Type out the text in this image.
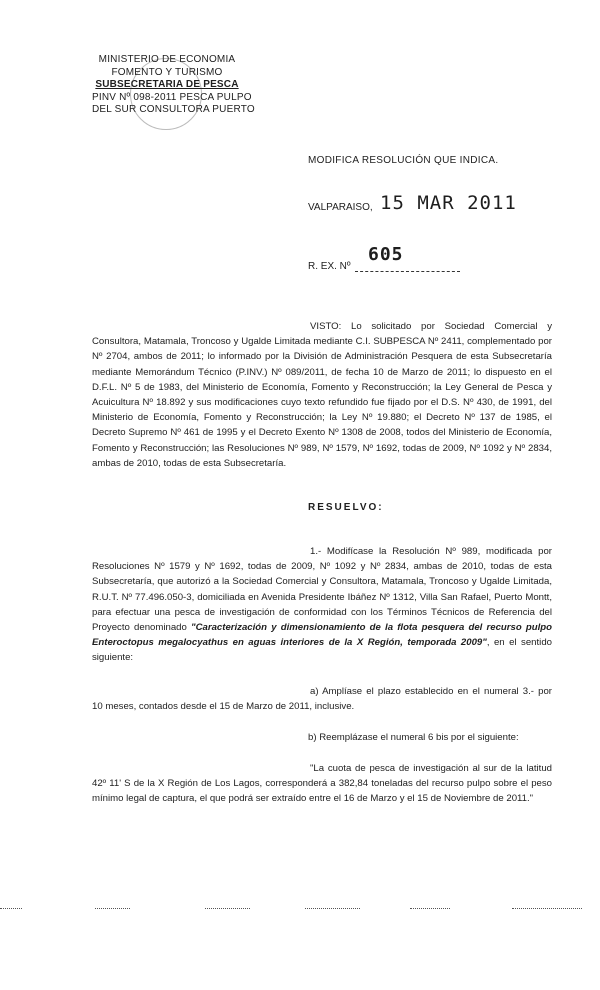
MINISTERIO DE ECONOMIA
FOMENTO Y TURISMO
SUBSECRETARIA DE PESCA
PINV Nº 098-2011 PESCA PULPO
DEL SUR CONSULTORA PUERTO
MODIFICA RESOLUCIÓN QUE INDICA.
VALPARAISO, 15 MAR 2011
R. EX. Nº
605

VISTO: Lo solicitado por Sociedad Comercial y Consultora, Matamala, Troncoso y Ugalde Limitada mediante C.I. SUBPESCA Nº 2411, complementado por Nº 2704, ambos de 2011; lo informado por la División de Administración Pesquera de esta Subsecretaría mediante Memorándum Técnico (P.INV.) Nº 089/2011, de fecha 10 de Marzo de 2011; lo dispuesto en el D.F.L. Nº 5 de 1983, del Ministerio de Economía, Fomento y Reconstrucción; la Ley General de Pesca y Acuicultura Nº 18.892 y sus modificaciones cuyo texto refundido fue fijado por el D.S. Nº 430, de 1991, del Ministerio de Economía, Fomento y Reconstrucción; la Ley Nº 19.880; el Decreto Nº 137 de 1985, el Decreto Supremo Nº 461 de 1995 y el Decreto Exento Nº 1308 de 2008, todos del Ministerio de Economía, Fomento y Reconstrucción; las Resoluciones Nº 989, Nº 1579, Nº 1692, todas de 2009, Nº 1092 y Nº 2834, ambas de 2010, todas de esta Subsecretaría.

RESUELVO:

1.- Modifícase la Resolución Nº 989, modificada por Resoluciones Nº 1579 y Nº 1692, todas de 2009, Nº 1092 y Nº 2834, ambas de 2010, todas de esta Subsecretaría, que autorizó a la Sociedad Comercial y Consultora, Matamala, Troncoso y Ugalde Limitada, R.U.T. Nº 77.496.050-3, domiciliada en Avenida Presidente Ibáñez Nº 1312, Villa San Rafael, Puerto Montt, para efectuar una pesca de investigación de conformidad con los Términos Técnicos de Referencia del Proyecto denominado "Caracterización y dimensionamiento de la flota pesquera del recurso pulpo Enteroctopus megalocyathus en aguas interiores de la X Región, temporada 2009", en el sentido siguiente:

a) Amplíase el plazo establecido en el numeral 3.- por 10 meses, contados desde el 15 de Marzo de 2011, inclusive.

b) Reemplázase el numeral 6 bis por el siguiente:

"La cuota de pesca de investigación al sur de la latitud 42º 11' S de la X Región de Los Lagos, corresponderá a 382,84 toneladas del recurso pulpo sobre el peso mínimo legal de captura, el que podrá ser extraído entre el 16 de Marzo y el 15 de Noviembre de 2011."
